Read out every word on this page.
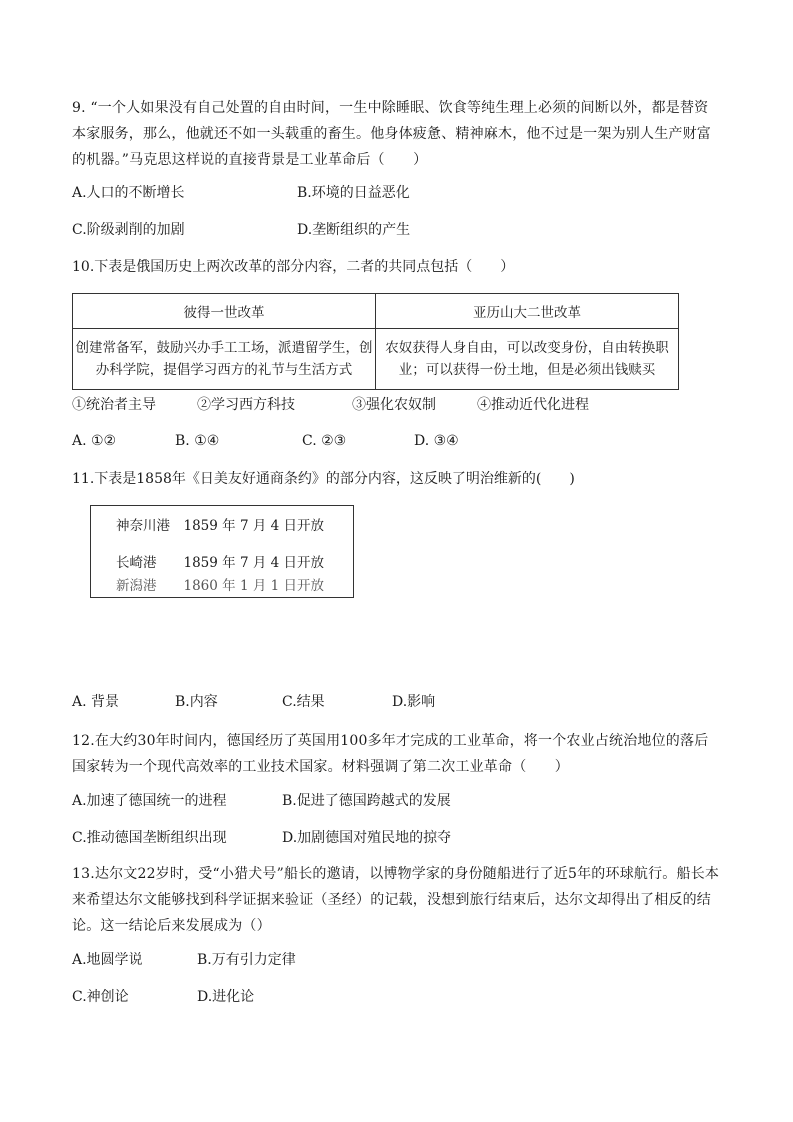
9. “一个人如果没有自己处置的自由时间，一生中除睡眠、饮食等纯生理上必须的间断以外，都是替资本家服务，那么，他就还不如一头载重的畜生。他身体疲惫、精神麻木，他不过是一架为别人生产财富的机器。”马克思这样说的直接背景是工业革命后（　　）
A.人口的不断增长	B.环境的日益恶化
C.阶级剥削的加剧	D.垄断组织的产生
10.下表是俄国历史上两次改革的部分内容，二者的共同点包括（　　）
彼得一世改革	亚历山大二世改革
创建常备军，鼓励兴办手工工场，派遣留学生，创办科学院，提倡学习西方的礼节与生活方式	农奴获得人身自由，可以改变身份，自由转换职业；可以获得一份土地，但是必须出钱赎买
①统治者主导	②学习西方科技	③强化农奴制	④推动近代化进程
A. ①②	B. ①④	C. ②③	D. ③④
11.下表是1858年《日美友好通商条约》的部分内容，这反映了明治维新的(　　)
神奈川港　1859 年 7 月 4 日开放
长崎港　　1859 年 7 月 4 日开放
新潟港　　1860 年 1 月 1 日开放
A. 背景	B.内容	C.结果	D.影响
12.在大约30年时间内，德国经历了英国用100多年才完成的工业革命，将一个农业占统治地位的落后国家转为一个现代高效率的工业技术国家。材料强调了第二次工业革命（　　）
A.加速了德国统一的进程	B.促进了德国跨越式的发展
C.推动德国垄断组织出现	D.加剧德国对殖民地的掠夺
13.达尔文22岁时，受“小猎犬号”船长的邀请，以博物学家的身份随船进行了近5年的环球航行。船长本来希望达尔文能够找到科学证据来验证（圣经）的记载，没想到旅行结束后，达尔文却得出了相反的结论。这一结论后来发展成为（）
A.地圆学说	B.万有引力定律
C.神创论	D.进化论
